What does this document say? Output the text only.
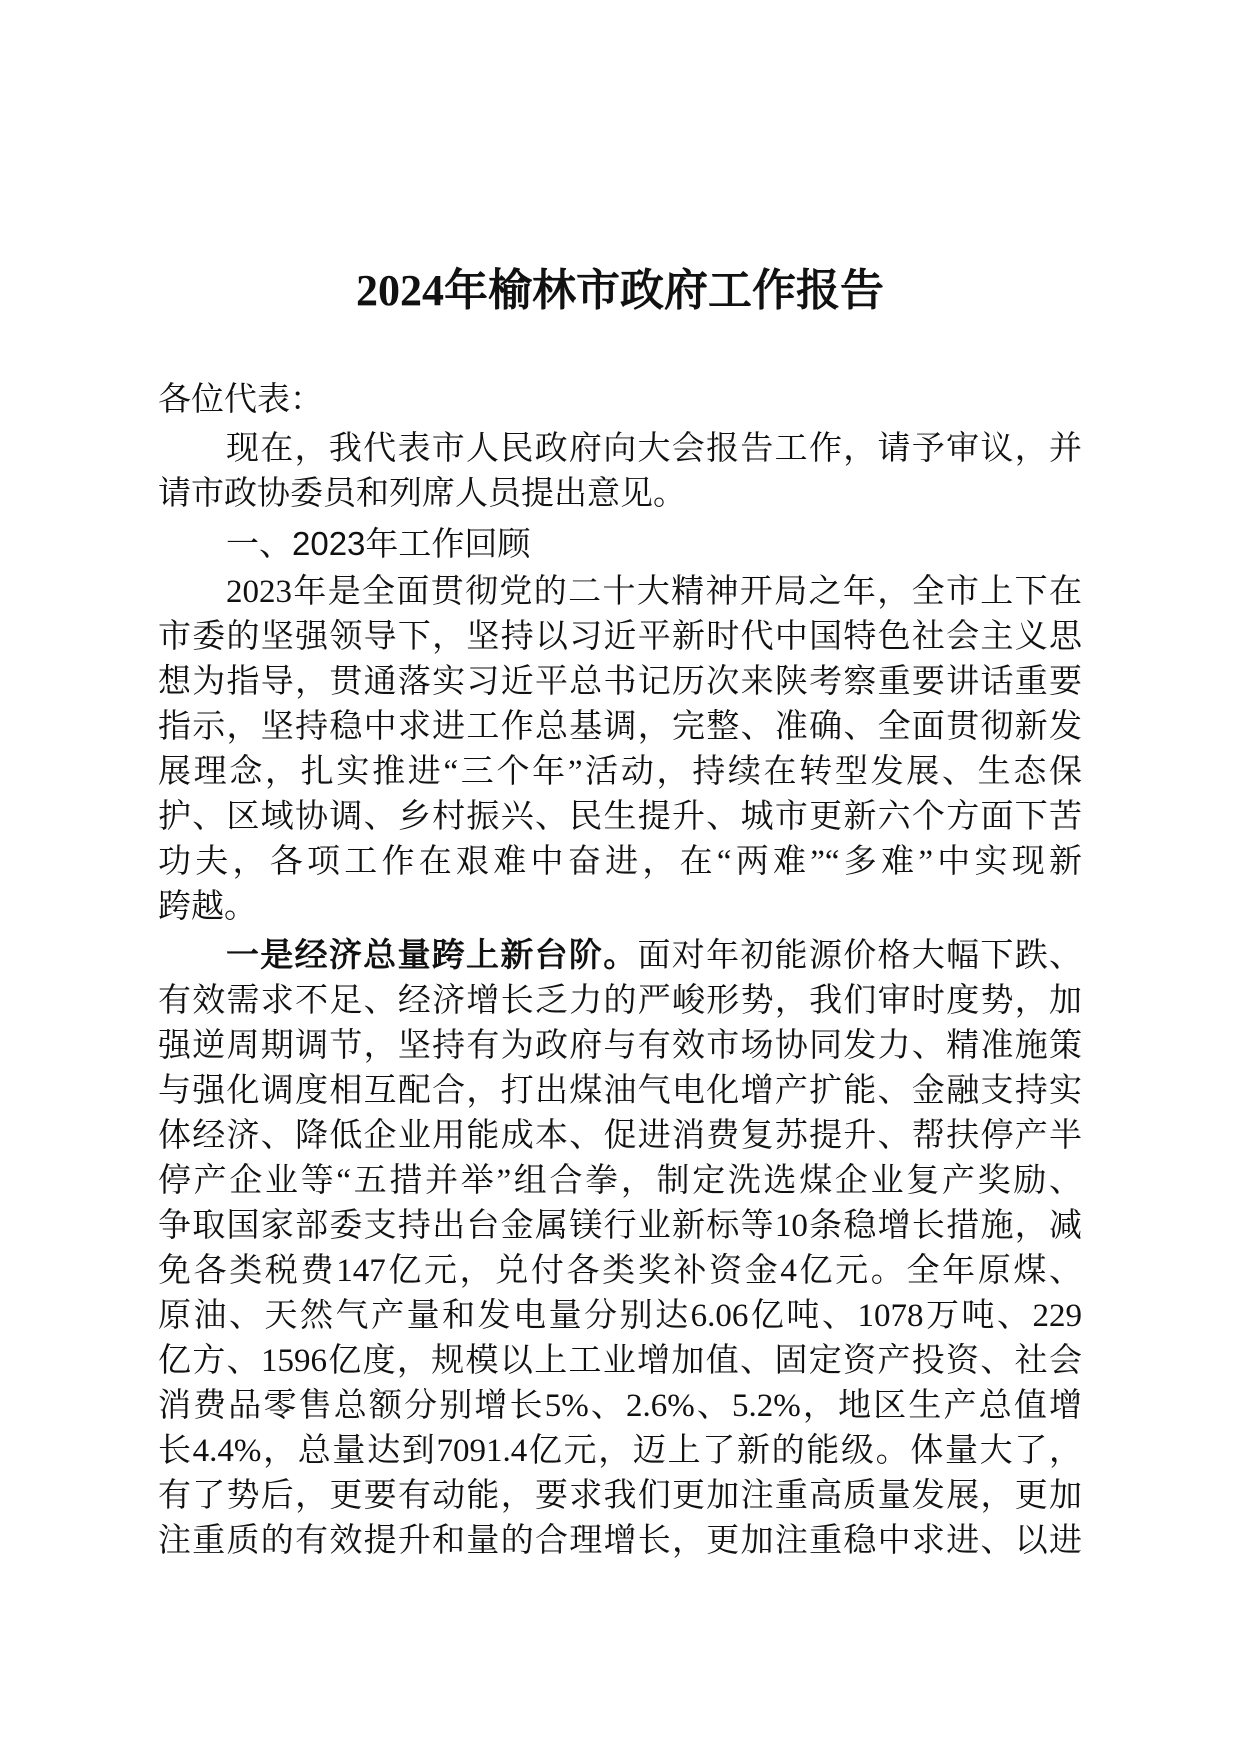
2024年榆林市政府工作报告
各位代表：
现在，我代表市人民政府向大会报告工作，请予审议，并
请市政协委员和列席人员提出意见。
一、2023年工作回顾
2023年是全面贯彻党的二十大精神开局之年，全市上下在
市委的坚强领导下，坚持以习近平新时代中国特色社会主义思
想为指导，贯通落实习近平总书记历次来陕考察重要讲话重要
指示，坚持稳中求进工作总基调，完整、准确、全面贯彻新发
展理念，扎实推进“三个年”活动，持续在转型发展、生态保
护、区域协调、乡村振兴、民生提升、城市更新六个方面下苦
功夫，各项工作在艰难中奋进，在“两难”“多难”中实现新
跨越。
一是经济总量跨上新台阶。面对年初能源价格大幅下跌、
有效需求不足、经济增长乏力的严峻形势，我们审时度势，加
强逆周期调节，坚持有为政府与有效市场协同发力、精准施策
与强化调度相互配合，打出煤油气电化增产扩能、金融支持实
体经济、降低企业用能成本、促进消费复苏提升、帮扶停产半
停产企业等“五措并举”组合拳，制定洗选煤企业复产奖励、
争取国家部委支持出台金属镁行业新标等10条稳增长措施，减
免各类税费147亿元，兑付各类奖补资金4亿元。全年原煤、
原油、天然气产量和发电量分别达6.06亿吨、1078万吨、229
亿方、1596亿度，规模以上工业增加值、固定资产投资、社会
消费品零售总额分别增长5%、2.6%、5.2%，地区生产总值增
长4.4%，总量达到7091.4亿元，迈上了新的能级。体量大了，
有了势后，更要有动能，要求我们更加注重高质量发展，更加
注重质的有效提升和量的合理增长，更加注重稳中求进、以进
